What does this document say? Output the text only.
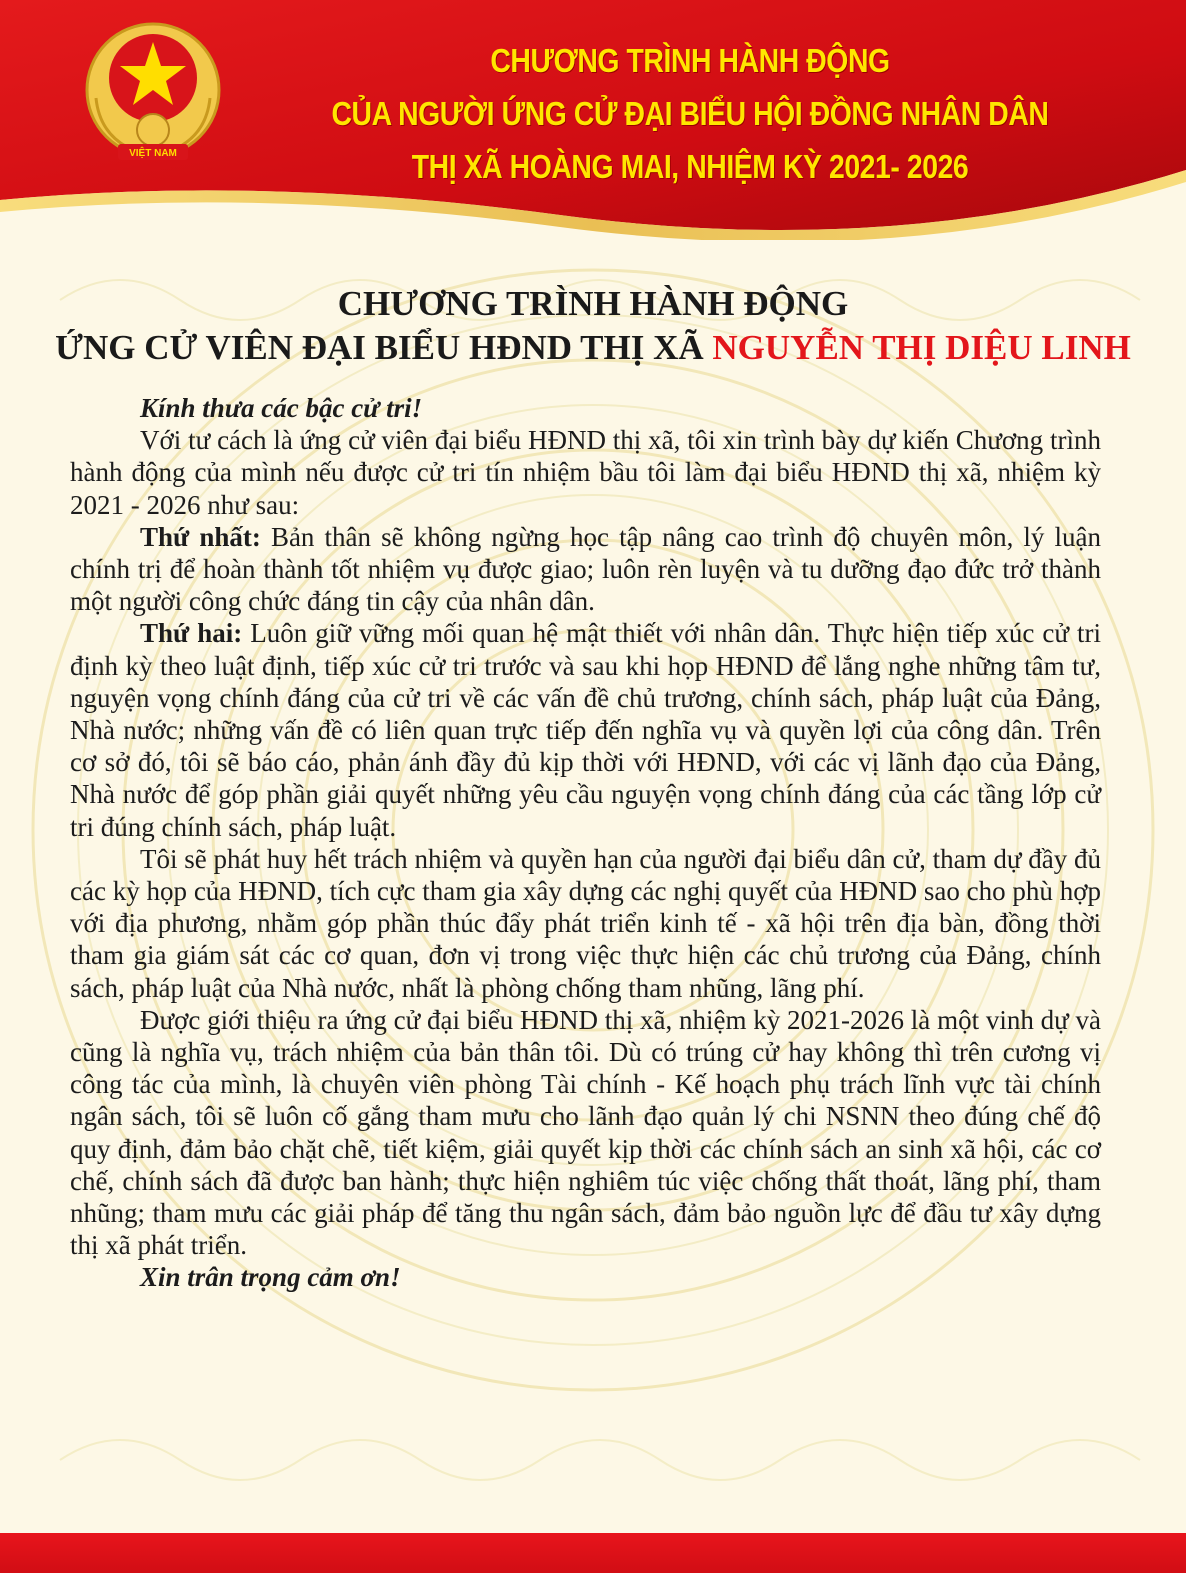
VIỆT NAM
CHƯƠNG TRÌNH HÀNH ĐỘNG
CỦA NGƯỜI ỨNG CỬ ĐẠI BIỂU HỘI ĐỒNG NHÂN DÂN
THỊ XÃ HOÀNG MAI, NHIỆM KỲ 2021- 2026
CHƯƠNG TRÌNH HÀNH ĐỘNG
ỨNG CỬ VIÊN ĐẠI BIỂU HĐND THỊ XÃ NGUYỄN THỊ DIỆU LINH

Kính thưa các bậc cử tri!

Với tư cách là ứng cử viên đại biểu HĐND thị xã, tôi xin trình bày dự kiến Chương trình hành động của mình nếu được cử tri tín nhiệm bầu tôi làm đại biểu HĐND thị xã, nhiệm kỳ 2021 - 2026 như sau:

Thứ nhất: Bản thân sẽ không ngừng học tập nâng cao trình độ chuyên môn, lý luận chính trị để hoàn thành tốt nhiệm vụ được giao; luôn rèn luyện và tu dưỡng đạo đức trở thành một người công chức đáng tin cậy của nhân dân.

Thứ hai: Luôn giữ vững mối quan hệ mật thiết với nhân dân. Thực hiện tiếp xúc cử tri định kỳ theo luật định, tiếp xúc cử tri trước và sau khi họp HĐND để lắng nghe những tâm tư, nguyện vọng chính đáng của cử tri về các vấn đề chủ trương, chính sách, pháp luật của Đảng, Nhà nước; những vấn đề có liên quan trực tiếp đến nghĩa vụ và quyền lợi của công dân. Trên cơ sở đó, tôi sẽ báo cáo, phản ánh đầy đủ kịp thời với HĐND, với các vị lãnh đạo của Đảng, Nhà nước để góp phần giải quyết những yêu cầu nguyện vọng chính đáng của các tầng lớp cử tri đúng chính sách, pháp luật.

Tôi sẽ phát huy hết trách nhiệm và quyền hạn của người đại biểu dân cử, tham dự đầy đủ các kỳ họp của HĐND, tích cực tham gia xây dựng các nghị quyết của HĐND sao cho phù hợp với địa phương, nhằm góp phần thúc đẩy phát triển kinh tế - xã hội trên địa bàn, đồng thời tham gia giám sát các cơ quan, đơn vị trong việc thực hiện các chủ trương của Đảng, chính sách, pháp luật của Nhà nước, nhất là phòng chống tham nhũng, lãng phí.

Được giới thiệu ra ứng cử đại biểu HĐND thị xã, nhiệm kỳ 2021-2026 là một vinh dự và cũng là nghĩa vụ, trách nhiệm của bản thân tôi. Dù có trúng cử hay không thì trên cương vị công tác của mình, là chuyên viên phòng Tài chính - Kế hoạch phụ trách lĩnh vực tài chính ngân sách, tôi sẽ luôn cố gắng tham mưu cho lãnh đạo quản lý chi NSNN theo đúng chế độ quy định, đảm bảo chặt chẽ, tiết kiệm, giải quyết kịp thời các chính sách an sinh xã hội, các cơ chế, chính sách đã được ban hành; thực hiện nghiêm túc việc chống thất thoát, lãng phí, tham nhũng; tham mưu các giải pháp để tăng thu ngân sách, đảm bảo nguồn lực để đầu tư xây dựng thị xã phát triển.

Xin trân trọng cảm ơn!
